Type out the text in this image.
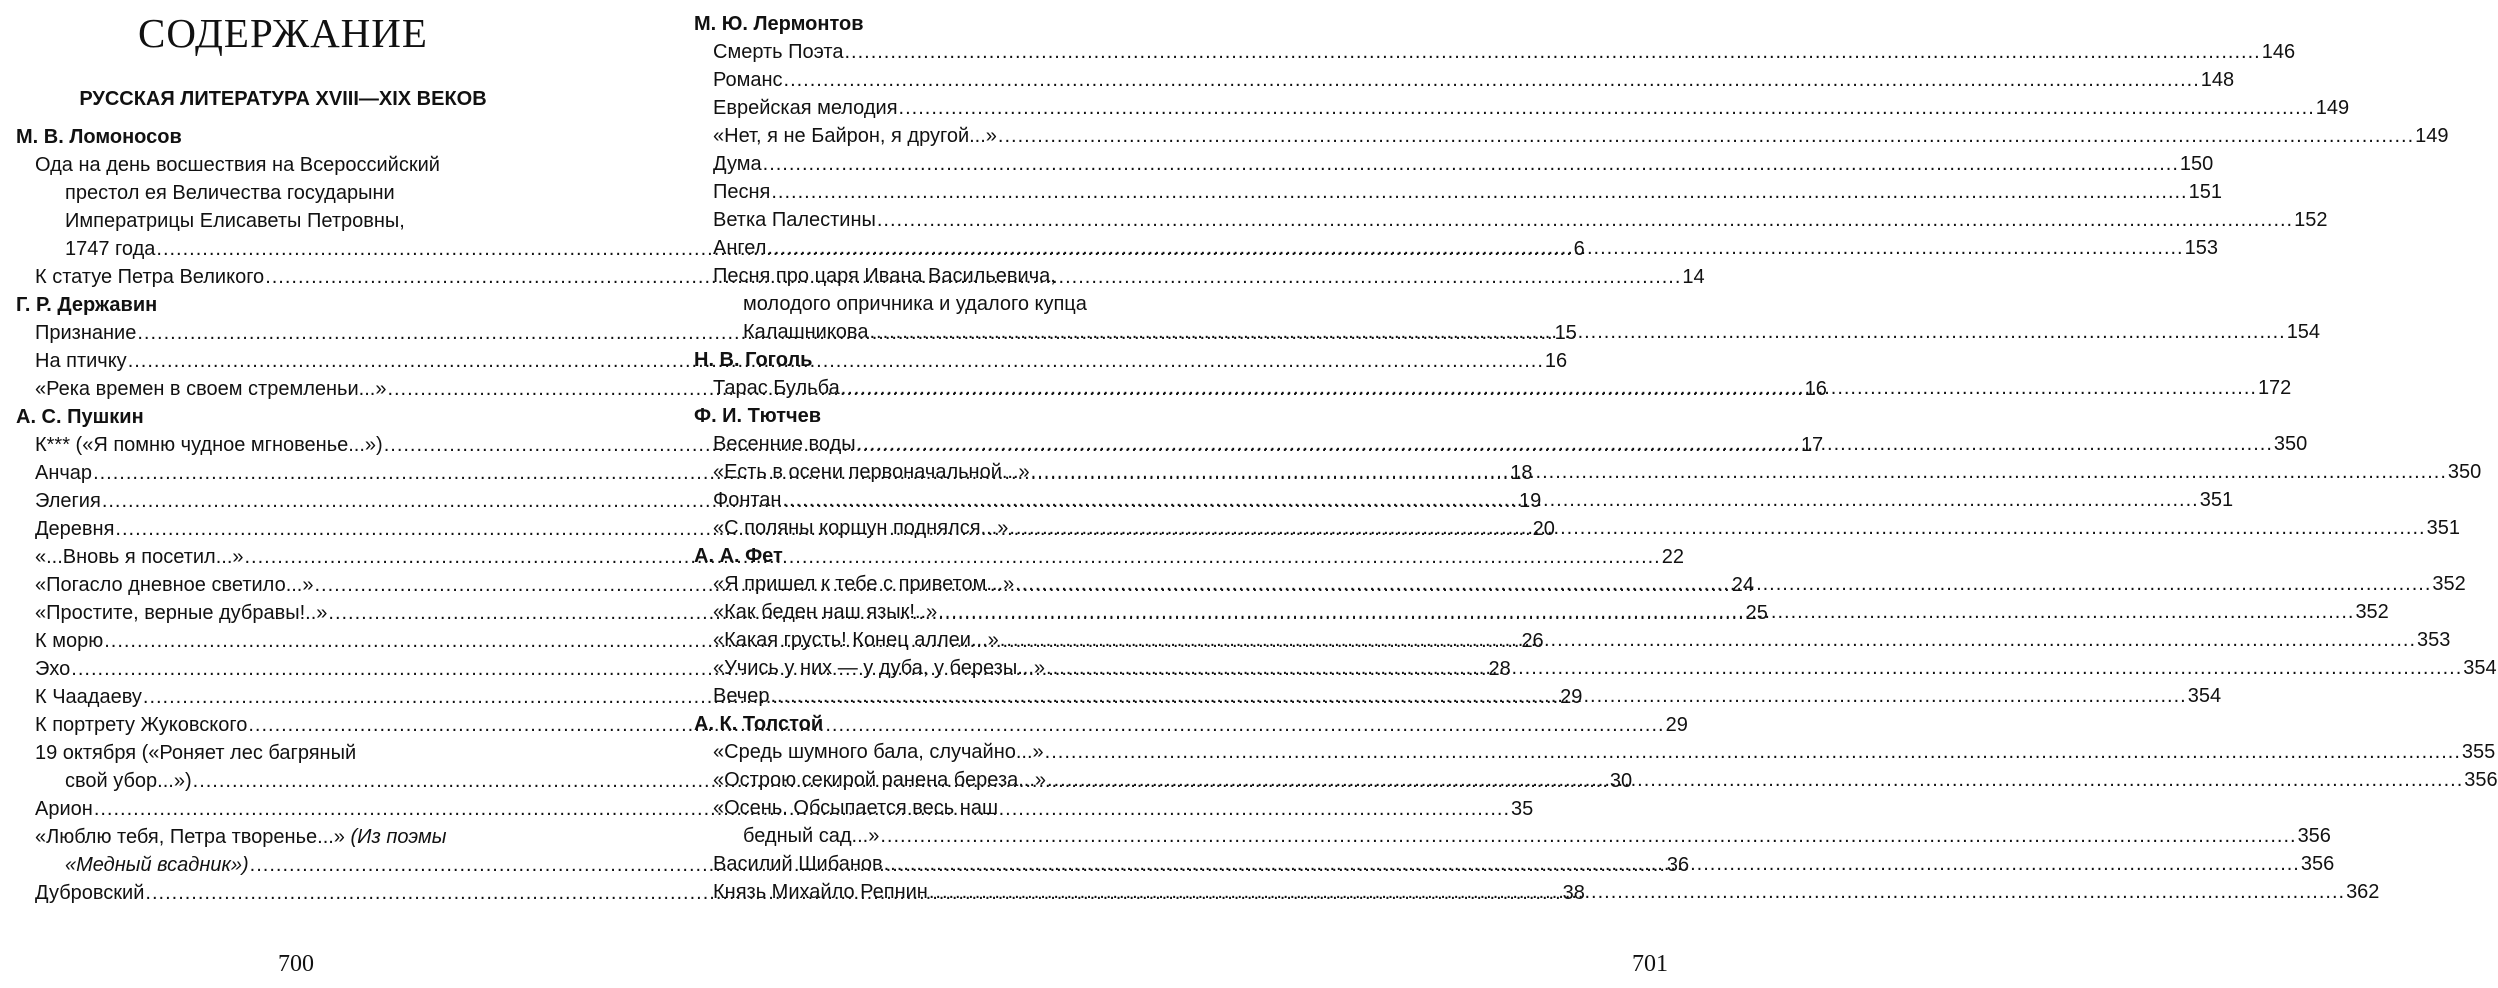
СОДЕРЖАНИЕ
РУССКАЯ ЛИТЕРАТУРА XVIII—XIX ВЕКОВ
М. В. Ломоносов
Ода на день восшествия на Всероссийский
престол ея Величества государыни
Императрицы Елисаветы Петровны,
1747 года .....	6
К статуе Петра Великого .....	14
Г. Р. Державин
Признание .....	15
На птичку .....	16
«Река времен в своем стремленьи...» .....	16
А. С. Пушкин
К*** («Я помню чудное мгновенье...») .....	17
Анчар .....	18
Элегия .....	19
Деревня .....	20
«...Вновь я посетил...» .....	22
«Погасло дневное светило...» .....	24
«Простите, верные дубравы!..» .....	25
К морю .....	26
Эхо .....	28
К Чаадаеву .....	29
К портрету Жуковского .....	29
19 октября («Роняет лес багряный
свой убор...») .....	30
Арион .....	35
«Люблю тебя, Петра творенье...»
(Из поэмы
«Медный всадник») .....	36
Дубровский .....	38
700
М. Ю. Лермонтов
Смерть Поэта .....	146
Романс .....	148
Еврейская мелодия .....	149
«Нет, я не Байрон, я другой...» .....	149
Дума .....	150
Песня .....	151
Ветка Палестины .....	152
Ангел .....	153
Песня про царя Ивана Васильевича,
молодого опричника и удалого купца
Калашникова .....	154
Н. В. Гоголь
Тарас Бульба .....	172
Ф. И. Тютчев
Весенние воды .....	350
«Есть в осени первоначальной...» .....	350
Фонтан .....	351
«С поляны коршун поднялся...» .....	351
А. А. Фет
«Я пришел к тебе с приветом...» .....	352
«Как беден наш язык!..» .....	352
«Какая грусть! Конец аллеи...» .....	353
«Учись у них — у дуба, у березы...» .....	354
Вечер .....	354
А. К. Толстой
«Средь шумного бала, случайно...» .....	355
«Острою секирой ранена береза...» .....	356
«Осень. Обсыпается весь наш
бедный сад...» .....	356
Василий Шибанов .....	356
Князь Михайло Репнин .....	362
701
